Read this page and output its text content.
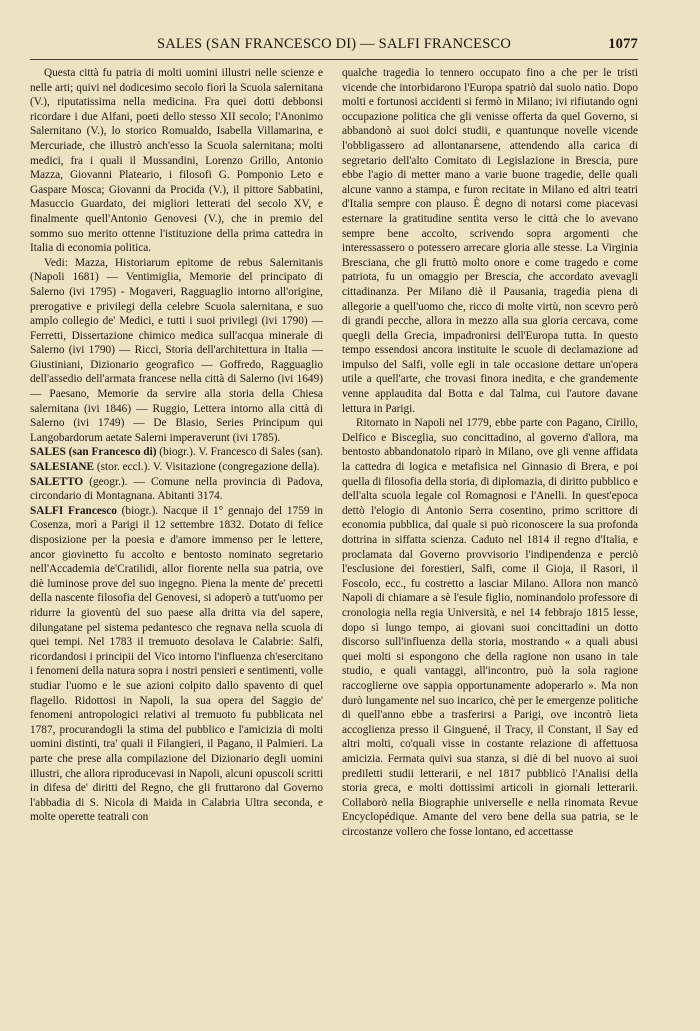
SALES (SAN FRANCESCO DI) — SALFI FRANCESCO	1077

Questa città fu patria di molti uomini illustri nelle scienze e nelle arti; quivi nel dodicesimo secolo fiorì la Scuola salernitana (V.), riputatissima nella medicina. Fra quei dotti debbonsi ricordare i due Alfani, poeti dello stesso XII secolo; l'Anonimo Salernitano (V.), lo storico Romualdo, Isabella Villamarina, e Mercuriade, che illustrò anch'esso la Scuola salernitana; molti medici, fra i quali il Mussandini, Lorenzo Grillo, Antonio Mazza, Giovanni Plateario, i filosofi G. Pomponio Leto e Gaspare Mosca; Giovanni da Procida (V.), il pittore Sabbatini, Masuccio Guardato, dei migliori letterati del secolo XV, e finalmente quell'Antonio Genovesi (V.), che in premio del sommo suo merito ottenne l'istituzione della prima cattedra in Italia di economia politica.

Vedi: Mazza, Historiarum epitome de rebus Salernitanis (Napoli 1681) — Ventimiglia, Memorie del principato di Salerno (ivi 1795) - Mogaveri, Ragguaglio intorno all'origine, prerogative e privilegi della celebre Scuola salernitana, e suo amplo collegio de' Medici, e tutti i suoi privilegi (ivi 1790) — Ferretti, Dissertazione chimico medica sull'acqua minerale di Salerno (ivi 1790) — Ricci, Storia dell'architettura in Italia — Giustiniani, Dizionario geografico — Goffredo, Ragguaglio dell'assedio dell'armata francese nella città di Salerno (ivi 1649) — Paesano, Memorie da servire alla storia della Chiesa salernitana (ivi 1846) — Ruggio, Lettera intorno alla città di Salerno (ivi 1749) — De Blasio, Series Principum qui Langobardorum aetate Salerni imperaverunt (ivi 1785).

SALES (san Francesco di) (biogr.). V. Francesco di Sales (san).

SALESIANE (stor. eccl.). V. Visitazione (congregazione della).

SALETTO (geogr.). — Comune nella provincia di Padova, circondario di Montagnana. Abitanti 3174.

SALFI Francesco (biogr.). Nacque il 1° gennajo del 1759 in Cosenza, morì a Parigi il 12 settembre 1832. Dotato di felice disposizione per la poesia e d'amore immenso per le lettere, ancor giovinetto fu accolto e bentosto nominato segretario nell'Accademia de'Cratilidi, allor fiorente nella sua patria, ove diè luminose prove del suo ingegno. Piena la mente de' precetti della nascente filosofia del Genovesi, si adoperò a tutt'uomo per ridurre la gioventù del suo paese alla dritta via del sapere, dilungatane pel sistema pedantesco che regnava nella scuola di quei tempi. Nel 1783 il tremuoto desolava le Calabrie: Salfi, ricordandosi i principii del Vico intorno l'influenza ch'esercitano i fenomeni della natura sopra i nostri pensieri e sentimenti, volle studiar l'uomo e le sue azioni colpito dallo spavento di quel flagello. Ridottosi in Napoli, la sua opera del Saggio de' fenomeni antropologici relativi al tremuoto fu pubblicata nel 1787, procurandogli la stima del pubblico e l'amicizia di molti uomini distinti, tra' quali il Filangieri, il Pagano, il Palmieri. La parte che prese alla compilazione del Dizionario degli uomini illustri, che allora riproducevasi in Napoli, alcuni opuscoli scritti in difesa de' diritti del Regno, che gli fruttarono dal Governo l'abbadia di S. Nicola di Maida in Calabria Ultra seconda, e molte operette teatrali con

qualche tragedia lo tennero occupato fino a che per le tristi vicende che intorbidarono l'Europa spatriò dal suolo natìo. Dopo molti e fortunosi accidenti si fermò in Milano; ivi rifiutando ogni occupazione politica che gli venisse offerta da quel Governo, si abbandonò ai suoi dolci studii, e quantunque novelle vicende l'obbligassero ad allontanarsene, attendendo alla carica di segretario dell'alto Comitato di Legislazione in Brescia, pure ebbe l'agio di metter mano a varie buone tragedie, delle quali alcune vanno a stampa, e furon recitate in Milano ed altri teatri d'Italia sempre con plauso. È degno di notarsi come piacevasi esternare la gratitudine sentita verso le città che lo avevano sempre bene accolto, scrivendo sopra argomenti che interessassero o potessero arrecare gloria alle stesse. La Virginia Bresciana, che gli fruttò molto onore e come tragedo e come patriota, fu un omaggio per Brescia, che accordato avevagli cittadinanza. Per Milano diè il Pausania, tragedia piena di allegorie a quell'uomo che, ricco di molte virtù, non scevro però di grandi pecche, allora in mezzo alla sua gloria cercava, come quegli della Grecia, impadronirsi dell'Europa tutta. In questo tempo essendosi ancora instituite le scuole di declamazione ad impulso del Salfi, volle egli in tale occasione dettare un'opera utile a quell'arte, che trovasi finora inedita, e che grandemente venne applaudita dal Botta e dal Talma, cui l'autore davane lettura in Parigi.

Ritornato in Napoli nel 1779, ebbe parte con Pagano, Cirillo, Delfico e Bisceglia, suo concittadino, al governo d'allora, ma bentosto abbandonatolo riparò in Milano, ove gli venne affidata la cattedra di logica e metafisica nel Ginnasio di Brera, e poi quella di filosofia della storia, di diplomazia, di diritto pubblico e dell'alta scuola legale col Romagnosi e l'Anelli. In quest'epoca dettò l'elogio di Antonio Serra cosentino, primo scrittore di economia pubblica, dal quale si può riconoscere la sua profonda dottrina in siffatta scienza. Caduto nel 1814 il regno d'Italia, e proclamata dal Governo provvisorio l'indipendenza e perciò l'esclusione dei forestieri, Salfi, come il Gioja, il Rasori, il Foscolo, ecc., fu costretto a lasciar Milano. Allora non mancò Napoli di chiamare a sè l'esule figlio, nominandolo professore di cronologia nella regia Università, e nel 14 febbrajo 1815 lesse, dopo sì lungo tempo, ai giovani suoi concittadini un dotto discorso sull'influenza della storia, mostrando « a quali abusi quei molti si espongono che della ragione non usano in tale studio, e quali vantaggi, all'incontro, può la sola ragione raccoglierne ove sappia opportunamente adoperarlo ». Ma non durò lungamente nel suo incarico, chè per le emergenze politiche di quell'anno ebbe a trasferirsi a Parigi, ove incontrò lieta accoglienza presso il Ginguené, il Tracy, il Constant, il Say ed altri molti, co'quali visse in costante relazione di affettuosa amicizia. Fermata quivi sua stanza, si diè di bel nuovo ai suoi prediletti studii letterarii, e nel 1817 pubblicò l'Analisi della storia greca, e molti dottissimi articoli in giornali letterarii. Collaborò nella Biographie universelle e nella rinomata Revue Encyclopédique. Amante del vero bene della sua patria, se le circostanze vollero che fosse lontano, ed accettasse
